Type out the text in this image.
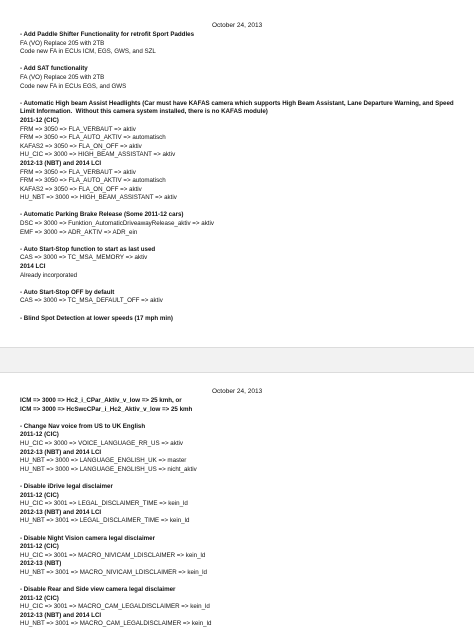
October 24, 2013
- Add Paddle Shifter Functionality for retrofit Sport Paddles
FA (VO) Replace 205 with 2TB
Code new FA in ECUs ICM, EGS, GWS, and SZL
- Add SAT functionality
FA (VO) Replace 205 with 2TB
Code new FA in ECUs EGS, and GWS
- Automatic High beam Assist Headlights (Car must have KAFAS camera which supports High Beam Assistant, Lane Departure Warning, and Speed Limit Information.  Without this camera system installed, there is no KAFAS module)
2011-12 (CIC)
FRM => 3050 => FLA_VERBAUT => aktiv
FRM => 3050 => FLA_AUTO_AKTIV => automatisch
KAFAS2 => 3050 => FLA_ON_OFF => aktiv
HU_CIC => 3000 => HIGH_BEAM_ASSISTANT => aktiv
2012-13 (NBT) and 2014 LCI
FRM => 3050 => FLA_VERBAUT => aktiv
FRM => 3050 => FLA_AUTO_AKTIV => automatisch
KAFAS2 => 3050 => FLA_ON_OFF => aktiv
HU_NBT => 3000 => HIGH_BEAM_ASSISTANT => aktiv
- Automatic Parking Brake Release (Some 2011-12 cars)
DSC => 3000 => Funktion_AutomaticDriveawayRelease_aktiv => aktiv
EMF => 3000 => ADR_AKTIV => ADR_ein
- Auto Start-Stop function to start as last used
CAS => 3000 => TC_MSA_MEMORY => aktiv
2014 LCI
Already incorporated
- Auto Start-Stop OFF by default
CAS => 3000 => TC_MSA_DEFAULT_OFF => aktiv
- Blind Spot Detection at lower speeds (17 mph min)
October 24, 2013
ICM => 3000 => Hc2_i_CPar_Aktiv_v_low => 25 kmh, or
ICM => 3000 => HcSwcCPar_i_Hc2_Aktiv_v_low => 25 kmh
- Change Nav voice from US to UK English
2011-12 (CIC)
HU_CIC => 3000 => VOICE_LANGUAGE_RR_US => aktiv
2012-13 (NBT) and 2014 LCI
HU_NBT => 3000 => LANGUAGE_ENGLISH_UK => master
HU_NBT => 3000 => LANGUAGE_ENGLISH_US => nicht_aktiv
- Disable iDrive legal disclaimer
2011-12 (CIC)
HU_CIC => 3001 => LEGAL_DISCLAIMER_TIME => kein_ld
2012-13 (NBT) and 2014 LCI
HU_NBT => 3001 => LEGAL_DISCLAIMER_TIME => kein_ld
- Disable Night Vision camera legal disclaimer
2011-12 (CIC)
HU_CIC => 3001 => MACRO_NIVICAM_LDISCLAIMER => kein_ld
2012-13 (NBT)
HU_NBT => 3001 => MACRO_NIVICAM_LDISCLAIMER => kein_ld
- Disable Rear and Side view camera legal disclaimer
2011-12 (CIC)
HU_CIC => 3001 => MACRO_CAM_LEGALDISCLAIMER => kein_ld
2012-13 (NBT) and 2014 LCI
HU_NBT => 3001 => MACRO_CAM_LEGALDISCLAIMER => kein_ld
